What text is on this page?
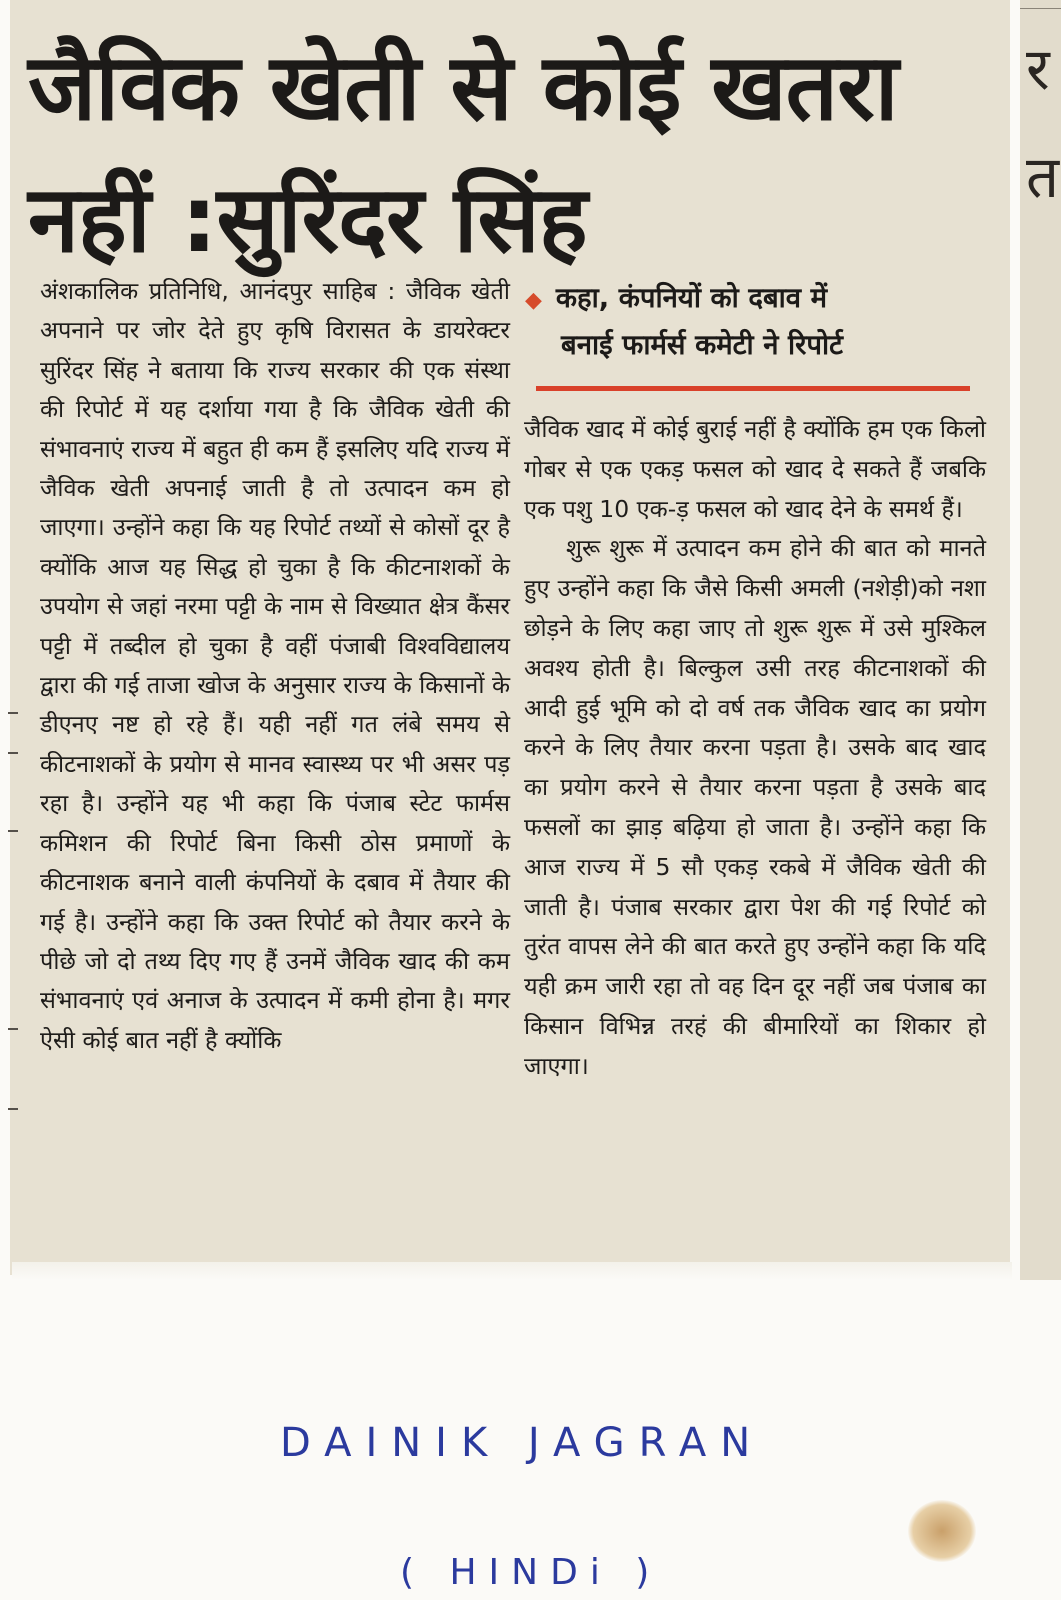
र
त
जैविक खेती से कोई खतरा
नहीं :सुरिंदर सिंह

अंशकालिक प्रतिनिधि, आनंदपुर साहिब : जैविक खेती अपनाने पर जोर देते हुए कृषि विरासत के डायरेक्टर सुरिंदर सिंह ने बताया कि राज्य सरकार की एक संस्था की रिपोर्ट में यह दर्शाया गया है कि जैविक खेती की संभावनाएं राज्य में बहुत ही कम हैं इसलिए यदि राज्य में जैविक खेती अपनाई जाती है तो उत्पादन कम हो जाएगा। उन्होंने कहा कि यह रिपोर्ट तथ्यों से कोसों दूर है क्योंकि आज यह सिद्ध हो चुका है कि कीटनाशकों के उपयोग से जहां नरमा पट्टी के नाम से विख्यात क्षेत्र कैंसर पट्टी में तब्दील हो चुका है वहीं पंजाबी विश्वविद्यालय द्वारा की गई ताजा खोज के अनुसार राज्य के किसानों के डीएनए नष्ट हो रहे हैं। यही नहीं गत लंबे समय से कीटनाशकों के प्रयोग से मानव स्वास्थ्य पर भी असर पड़ रहा है। उन्होंने यह भी कहा कि पंजाब स्टेट फार्मस कमिशन की रिपोर्ट बिना किसी ठोस प्रमाणों के कीटनाशक बनाने वाली कंपनियों के दबाव में तैयार की गई है। उन्होंने कहा कि उक्त रिपोर्ट को तैयार करने के पीछे जो दो तथ्य दिए गए हैं उनमें जैविक खाद की कम संभावनाएं एवं अनाज के उत्पादन में कमी होना है। मगर ऐसी कोई बात नहीं है क्योंकि

◆ कहा, कंपनियों को दबाव में
बनाई फार्मर्स कमेटी ने रिपोर्ट

जैविक खाद में कोई बुराई नहीं है क्योंकि हम एक किलो गोबर से एक एकड़ फसल को खाद दे सकते हैं जबकि एक पशु 10 एक-ड़ फसल को खाद देने के समर्थ हैं।

शुरू शुरू में उत्पादन कम होने की बात को मानते हुए उन्होंने कहा कि जैसे किसी अमली (नशेड़ी)को नशा छोड़ने के लिए कहा जाए तो शुरू शुरू में उसे मुश्किल अवश्य होती है। बिल्कुल उसी तरह कीटनाशकों की आदी हुई भूमि को दो वर्ष तक जैविक खाद का प्रयोग करने के लिए तैयार करना पड़ता है। उसके बाद खाद का प्रयोग करने से तैयार करना पड़ता है उसके बाद फसलों का झाड़ बढ़िया हो जाता है। उन्होंने कहा कि आज राज्य में 5 सौ एकड़ रकबे में जैविक खेती की जाती है। पंजाब सरकार द्वारा पेश की गई रिपोर्ट को तुरंत वापस लेने की बात करते हुए उन्होंने कहा कि यदि यही क्रम जारी रहा तो वह दिन दूर नहीं जब पंजाब का किसान विभिन्न तरहं की बीमारियों का शिकार हो जाएगा।

DAINIK JAGRAN
( HINDi )
